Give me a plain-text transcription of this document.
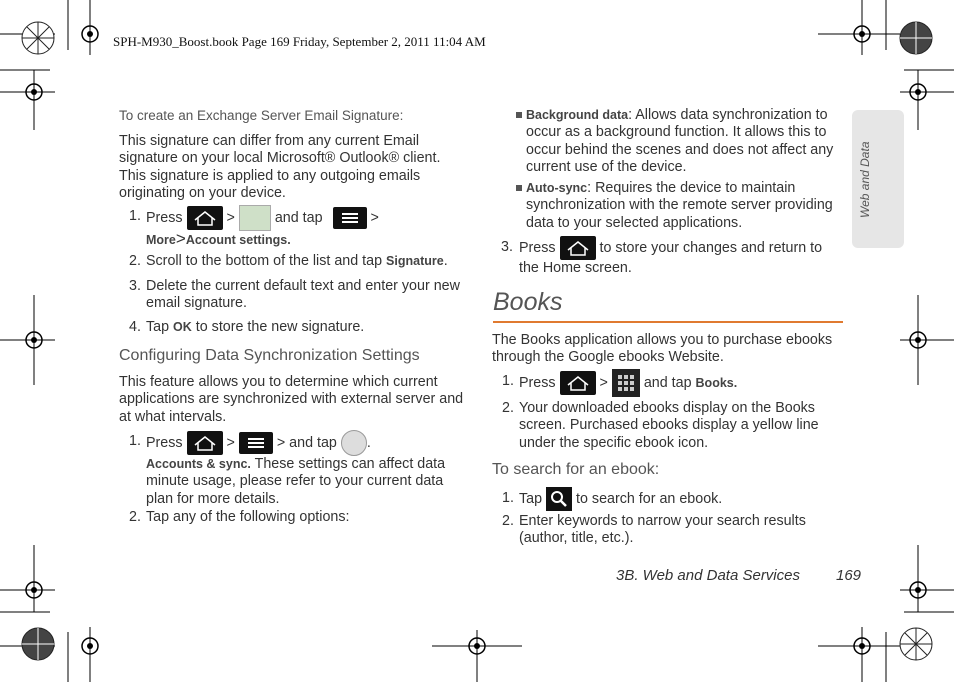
SPH-M930_Boost.book Page 169 Friday, September 2, 2011 11:04 AM
Web and Data
To create an Exchange Server Email Signature:
This signature can differ from any current Email signature on your local Microsoft® Outlook® client. This signature is applied to any outgoing emails originating on your device.
1. Press	>	and tap	>
More>Account settings.
2. Scroll to the bottom of the list and tap Signature.
3. Delete the current default text and enter your new email signature.
4. Tap OK to store the new signature.
Configuring Data Synchronization Settings
This feature allows you to determine which current applications are synchronized with external server and at what intervals.
1. Press	>	> and tap .
Accounts & sync. These settings can affect data minute usage, please refer to your current data plan for more details.
2. Tap any of the following options:
Background data: Allows data synchronization to occur as a background function. It allows this to occur behind the scenes and does not affect any current use of the device.
Auto-sync: Requires the device to maintain synchronization with the remote server providing data to your selected applications.
3. Press	to store your changes and return to the Home screen.
Books
The Books application allows you to purchase ebooks through the Google ebooks Website.
1. Press	>	and tap Books.
2. Your downloaded ebooks display on the Books screen. Purchased ebooks display a yellow line under the specific ebook icon.
To search for an ebook:
1. Tap to search for an ebook.
2. Enter keywords to narrow your search results (author, title, etc.).
3B. Web and Data Services 169
